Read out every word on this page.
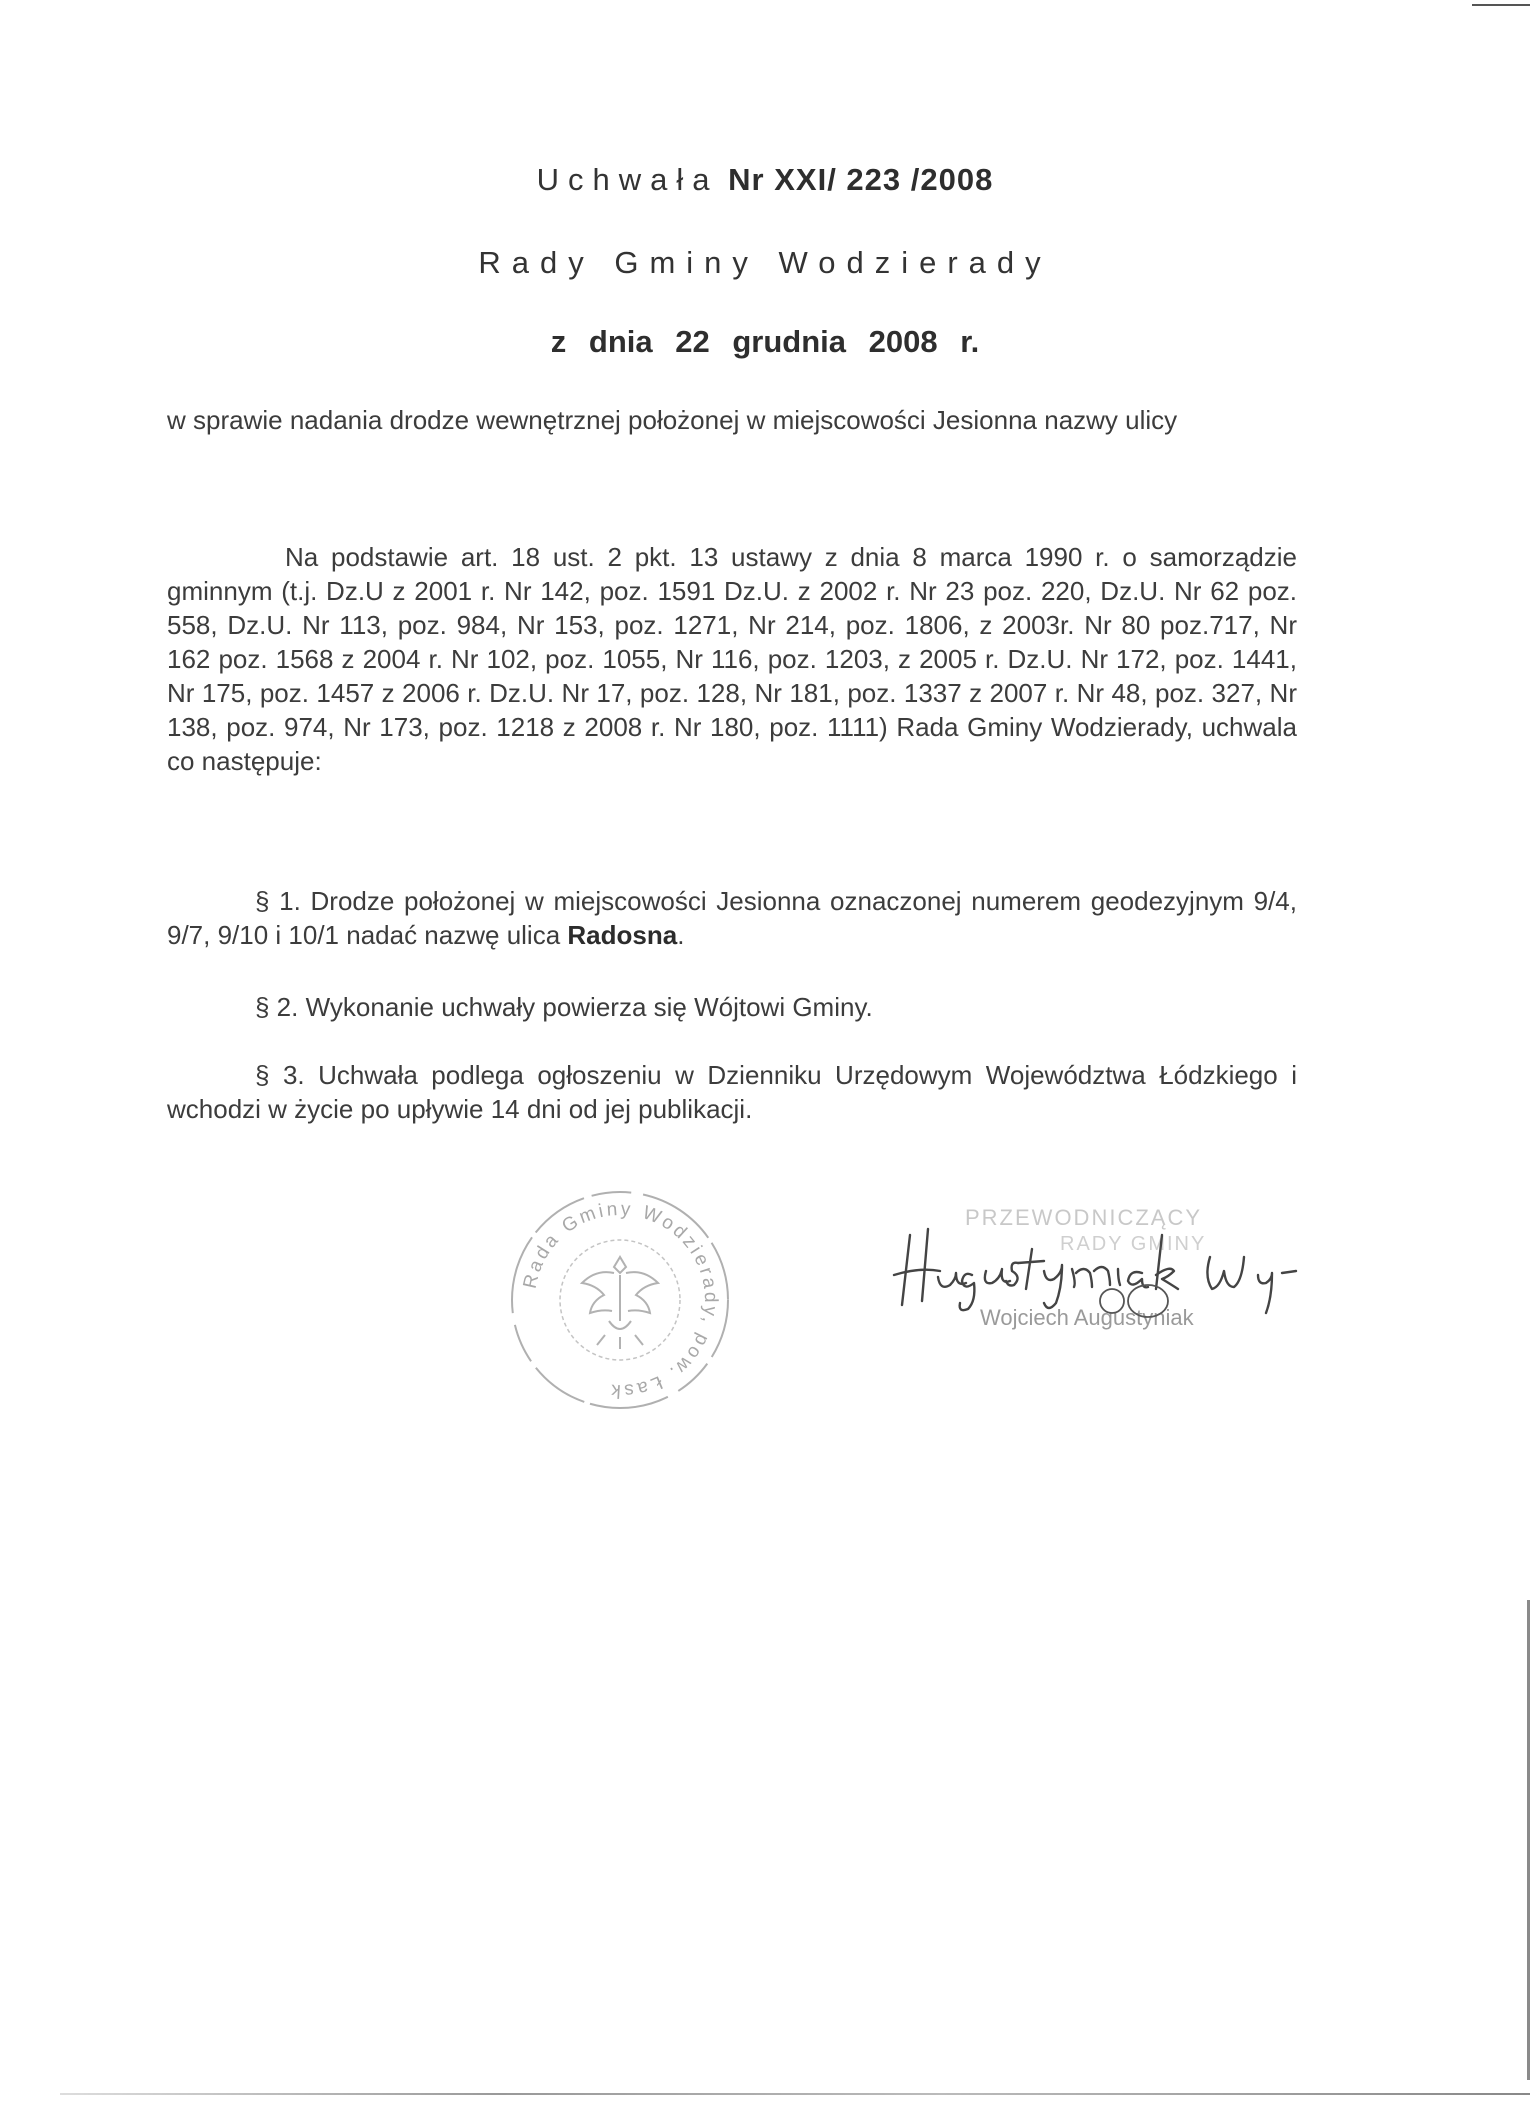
Uchwała Nr XXI/ 223 /2008
Rady Gminy Wodzierady
z dnia 22 grudnia 2008 r.
w sprawie nadania drodze wewnętrznej położonej w miejscowości Jesionna nazwy ulicy
Na podstawie art. 18 ust. 2 pkt. 13 ustawy z dnia 8 marca 1990 r. o samorządzie gminnym (t.j. Dz.U z 2001 r. Nr 142, poz. 1591 Dz.U. z 2002 r. Nr 23 poz. 220, Dz.U. Nr 62 poz. 558, Dz.U. Nr 113, poz. 984, Nr 153, poz. 1271, Nr 214, poz. 1806, z 2003r. Nr 80 poz.717, Nr 162 poz. 1568 z 2004 r. Nr 102, poz. 1055, Nr 116, poz. 1203, z 2005 r. Dz.U. Nr 172, poz. 1441, Nr 175, poz. 1457 z 2006 r. Dz.U. Nr 17, poz. 128, Nr 181, poz. 1337 z 2007 r. Nr 48, poz. 327, Nr 138, poz. 974, Nr 173, poz. 1218 z 2008 r. Nr 180, poz. 1111) Rada Gminy Wodzierady, uchwala co następuje:
§ 1. Drodze położonej w miejscowości Jesionna oznaczonej numerem geodezyjnym 9/4, 9/7, 9/10 i 10/1 nadać nazwę ulica Radosna.
§ 2. Wykonanie uchwały powierza się Wójtowi Gminy.
§ 3. Uchwała podlega ogłoszeniu w Dzienniku Urzędowym Województwa Łódzkiego i wchodzi w życie po upływie 14 dni od jej publikacji.
Rada Gminy Wodzierady, pow. Łask
PRZEWODNICZĄCY
RADY GMINY
Wojciech Augustyniak
